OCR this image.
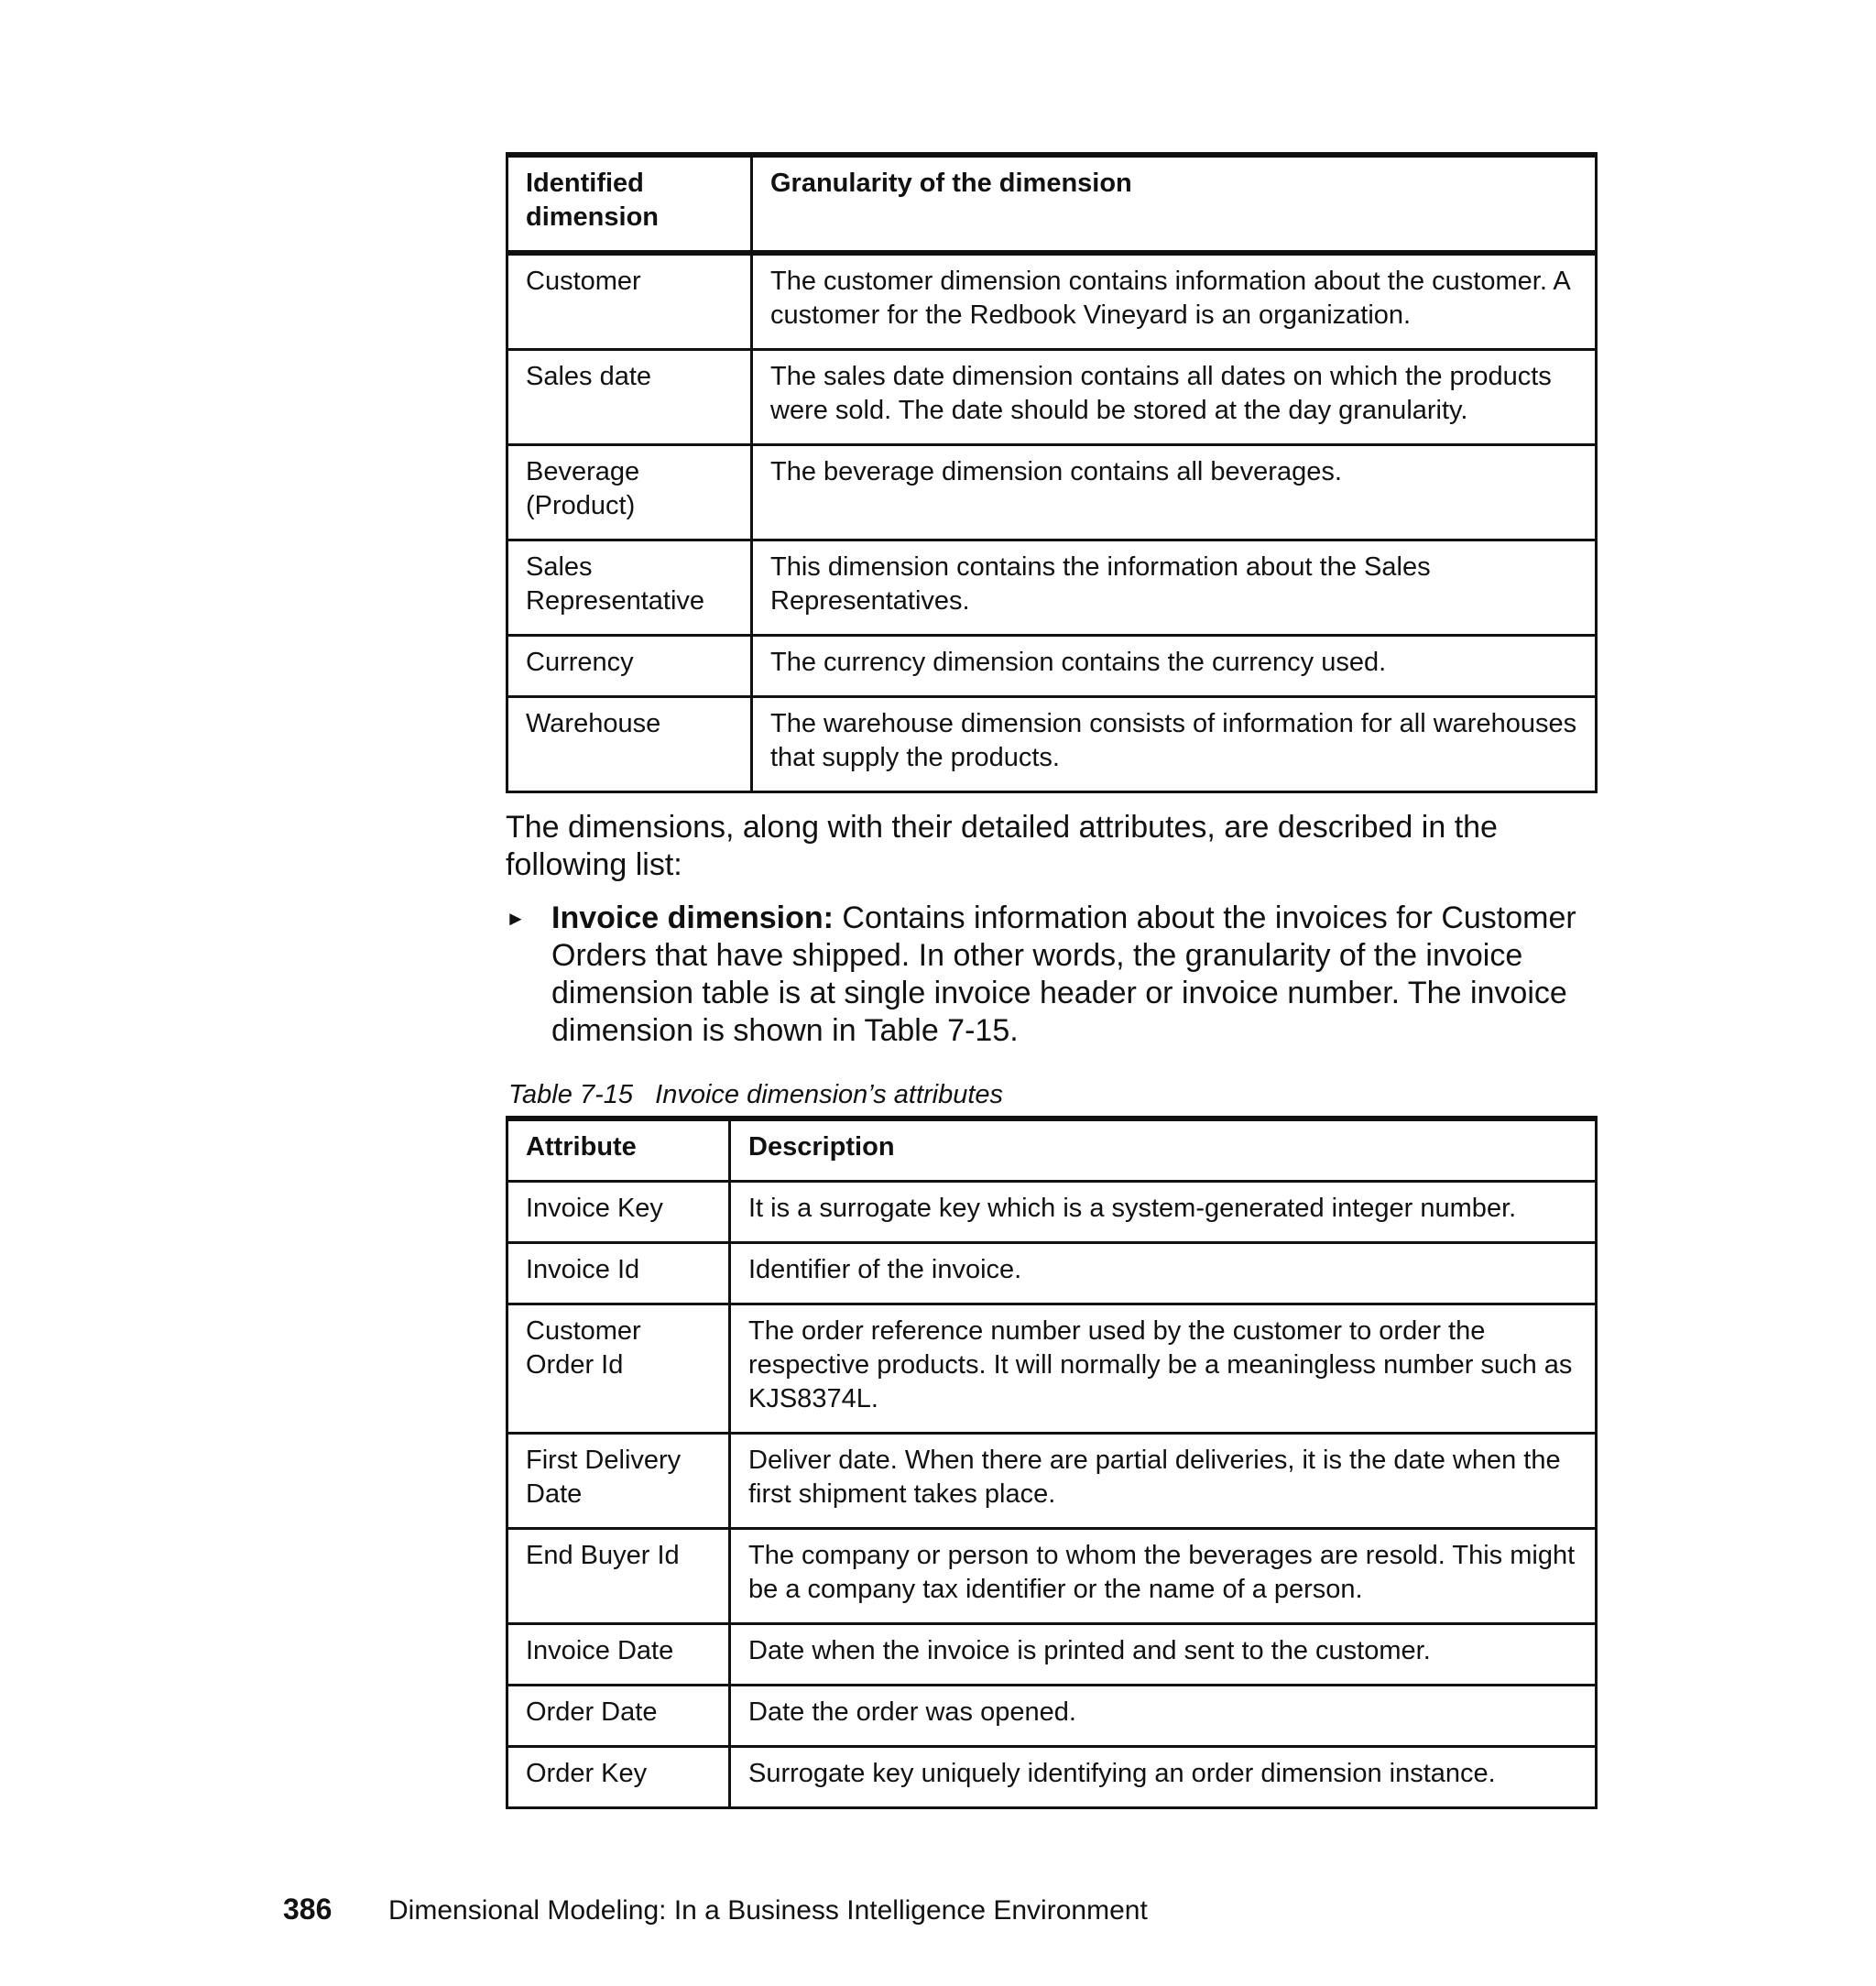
Identified dimension	Granularity of the dimension
Customer	The customer dimension contains information about the customer. A customer for the Redbook Vineyard is an organization.
Sales date	The sales date dimension contains all dates on which the products were sold. The date should be stored at the day granularity.
Beverage (Product)	The beverage dimension contains all beverages.
Sales Representative	This dimension contains the information about the Sales Representatives.
Currency	The currency dimension contains the currency used.
Warehouse	The warehouse dimension consists of information for all warehouses that supply the products.

The dimensions, along with their detailed attributes, are described in the following list:

► Invoice dimension: Contains information about the invoices for Customer Orders that have shipped. In other words, the granularity of the invoice dimension table is at single invoice header or invoice number. The invoice dimension is shown in Table 7-15.
Table 7-15   Invoice dimension’s attributes
Attribute	Description
Invoice Key	It is a surrogate key which is a system-generated integer number.
Invoice Id	Identifier of the invoice.
Customer Order Id	The order reference number used by the customer to order the respective products. It will normally be a meaningless number such as KJS8374L.
First Delivery Date	Deliver date. When there are partial deliveries, it is the date when the first shipment takes place.
End Buyer Id	The company or person to whom the beverages are resold. This might be a company tax identifier or the name of a person.
Invoice Date	Date when the invoice is printed and sent to the customer.
Order Date	Date the order was opened.
Order Key	Surrogate key uniquely identifying an order dimension instance.
386 Dimensional Modeling: In a Business Intelligence Environment
